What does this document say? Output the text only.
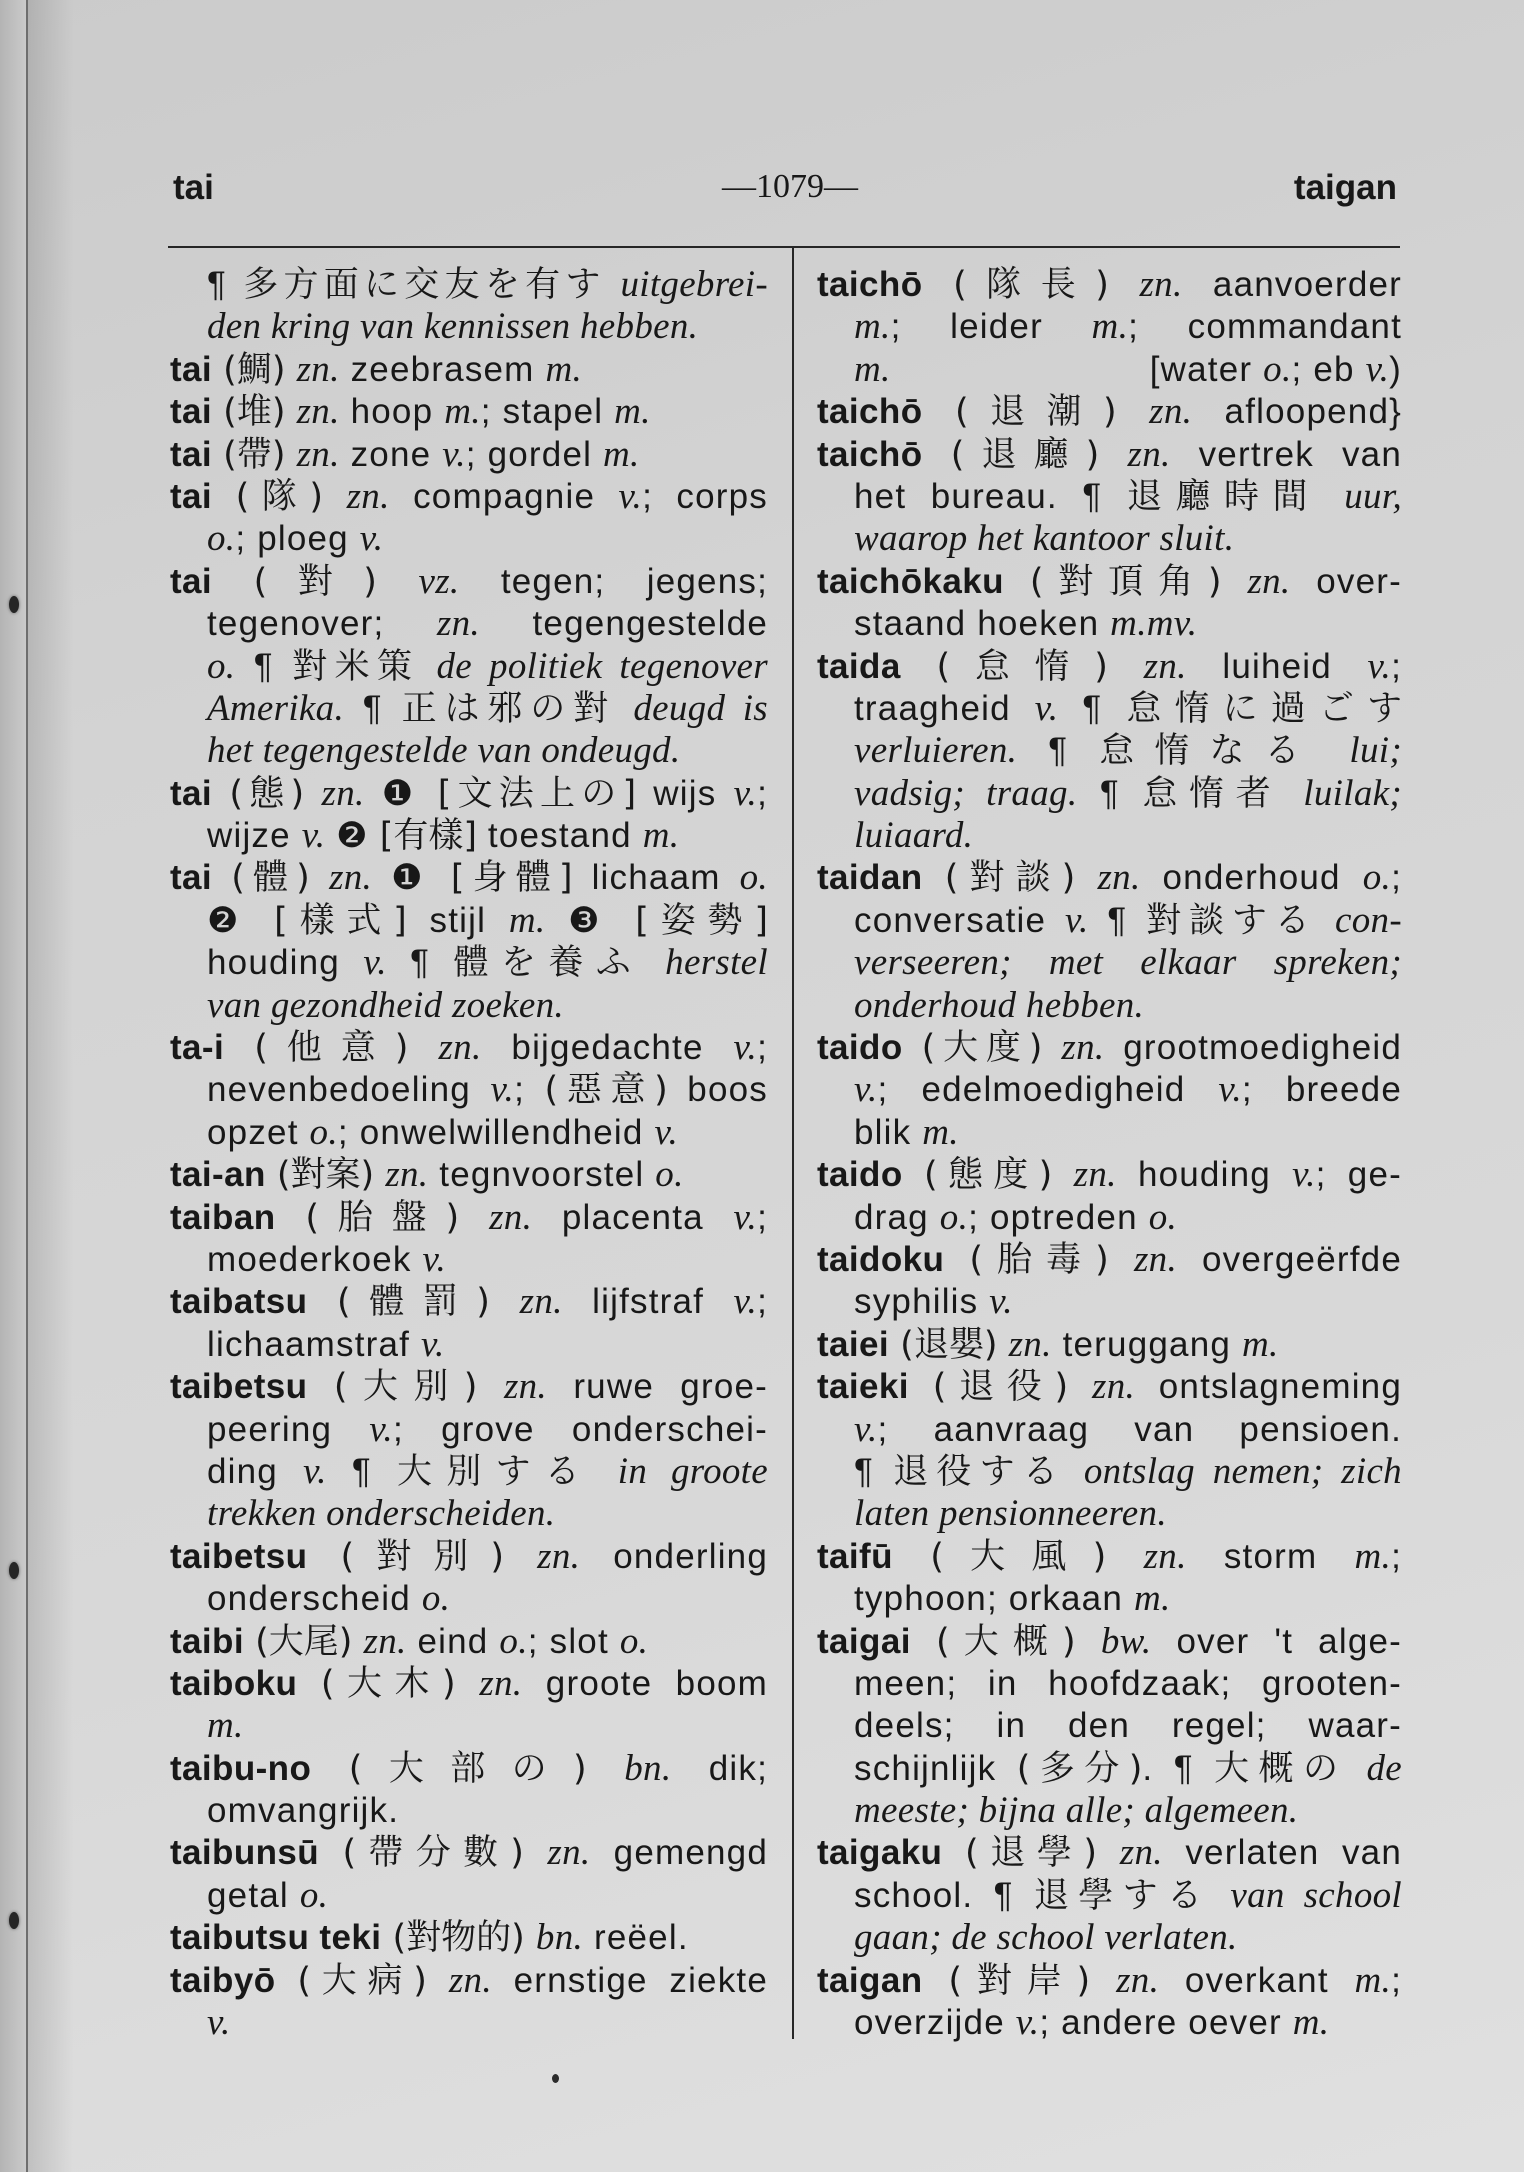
tai	—1079—	taigan
¶ 多方面に交友を有す uitgebrei-
den kring van kennissen hebben.
tai (鯛) zn. zeebrasem m.
tai (堆) zn. hoop m.; stapel m.
tai (帶) zn. zone v.; gordel m.
tai (隊) zn. compagnie v.; corps
o.; ploeg v.
tai (對) vz. tegen; jegens;
tegenover; zn. tegengestelde
o. ¶ 對米策 de politiek tegenover
Amerika. ¶ 正は邪の對 deugd is
het tegengestelde van ondeugd.
tai (態) zn. ❶ [文法上の] wijs v.;
wijze v. ❷ [有樣] toestand m.
tai (體) zn. ❶ [身體] lichaam o.
❷ [樣式] stijl m. ❸ [姿勢]
houding v. ¶ 體を養ふ herstel
van gezondheid zoeken.
ta-i (他意) zn. bijgedachte v.;
nevenbedoeling v.; (惡意) boos
opzet o.; onwelwillendheid v.
tai-an (對案) zn. tegnvoorstel o.
taiban (胎盤) zn. placenta v.;
moederkoek v.
taibatsu (體罰) zn. lijfstraf v.;
lichaamstraf v.
taibetsu (大別) zn. ruwe groe-
peering v.; grove onderschei-
ding v. ¶ 大別する in groote
trekken onderscheiden.
taibetsu (對別) zn. onderling
onderscheid o.
taibi (大尾) zn. eind o.; slot o.
taiboku (大木) zn. groote boom
m.
taibu-no (大部の) bn. dik;
omvangrijk.
taibunsū (帶分數) zn. gemengd
getal o.
taibutsu teki (對物的) bn. reëel.
taibyō (大病) zn. ernstige ziekte
v.
taichō (隊長) zn. aanvoerder
m.; leider m.; commandant
m.	[water o.; eb v.)
taichō (退潮) zn. afloopend}
taichō (退廳) zn. vertrek van
het bureau. ¶ 退廳時間 uur,
waarop het kantoor sluit.
taichōkaku (對頂角) zn. over-
staand hoeken m.mv.
taida (怠惰) zn. luiheid v.;
traagheid v. ¶ 怠惰に過ごす
verluieren. ¶ 怠惰なる lui;
vadsig; traag. ¶ 怠惰者 luilak;
luiaard.
taidan (對談) zn. onderhoud o.;
conversatie v. ¶ 對談する con-
verseeren; met elkaar spreken;
onderhoud hebben.
taido (大度) zn. grootmoedigheid
v.; edelmoedigheid v.; breede
blik m.
taido (態度) zn. houding v.; ge-
drag o.; optreden o.
taidoku (胎毒) zn. overgeërfde
syphilis v.
taiei (退嬰) zn. teruggang m.
taieki (退役) zn. ontslagneming
v.; aanvraag van pensioen.
¶ 退役する ontslag nemen; zich
laten pensionneeren.
taifū (大風) zn. storm m.;
typhoon; orkaan m.
taigai (大概) bw. over 't alge-
meen; in hoofdzaak; grooten-
deels; in den regel; waar-
schijnlijk (多分). ¶ 大概の de
meeste; bijna alle; algemeen.
taigaku (退學) zn. verlaten van
school. ¶ 退學する van school
gaan; de school verlaten.
taigan (對岸) zn. overkant m.;
overzijde v.; andere oever m.
